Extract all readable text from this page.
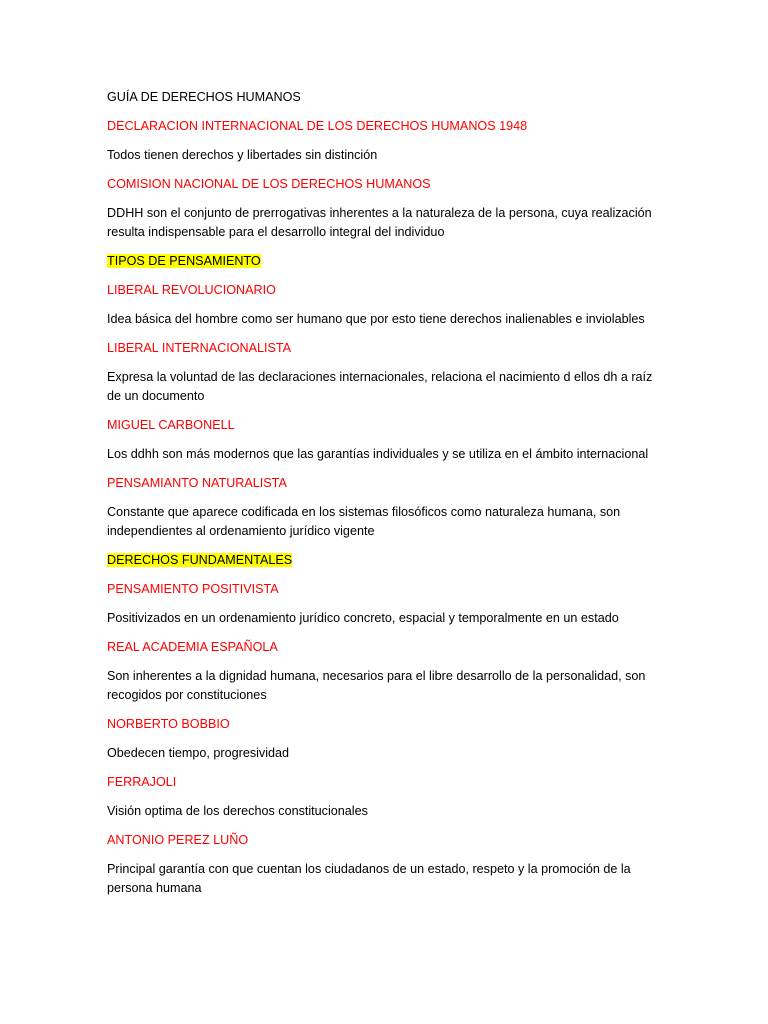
GUÍA DE DERECHOS HUMANOS

DECLARACION INTERNACIONAL DE LOS DERECHOS HUMANOS 1948

Todos tienen derechos y libertades sin distinción

COMISION NACIONAL DE LOS DERECHOS HUMANOS

DDHH son el conjunto de prerrogativas inherentes a la naturaleza de la persona, cuya realización resulta indispensable para el desarrollo integral del individuo

TIPOS DE PENSAMIENTO

LIBERAL REVOLUCIONARIO

Idea básica del hombre como ser humano que por esto tiene derechos inalienables e inviolables

LIBERAL INTERNACIONALISTA

Expresa la voluntad de las declaraciones internacionales, relaciona el nacimiento d ellos dh a raíz de un documento

MIGUEL CARBONELL

Los ddhh son más modernos que las garantías individuales y se utiliza en el ámbito internacional

PENSAMIANTO NATURALISTA

Constante que aparece codificada en los sistemas filosóficos como naturaleza humana, son independientes al ordenamiento jurídico vigente

DERECHOS FUNDAMENTALES

PENSAMIENTO POSITIVISTA

Positivizados en un ordenamiento jurídico concreto, espacial y temporalmente en un estado

REAL ACADEMIA ESPAÑOLA

Son inherentes a la dignidad humana, necesarios para el libre desarrollo de la personalidad, son recogidos por constituciones

NORBERTO BOBBIO

Obedecen tiempo, progresividad

FERRAJOLI

Visión optima de los derechos constitucionales

ANTONIO PEREZ LUÑO

Principal garantía con que cuentan los ciudadanos de un estado, respeto y la promoción de la persona humana
